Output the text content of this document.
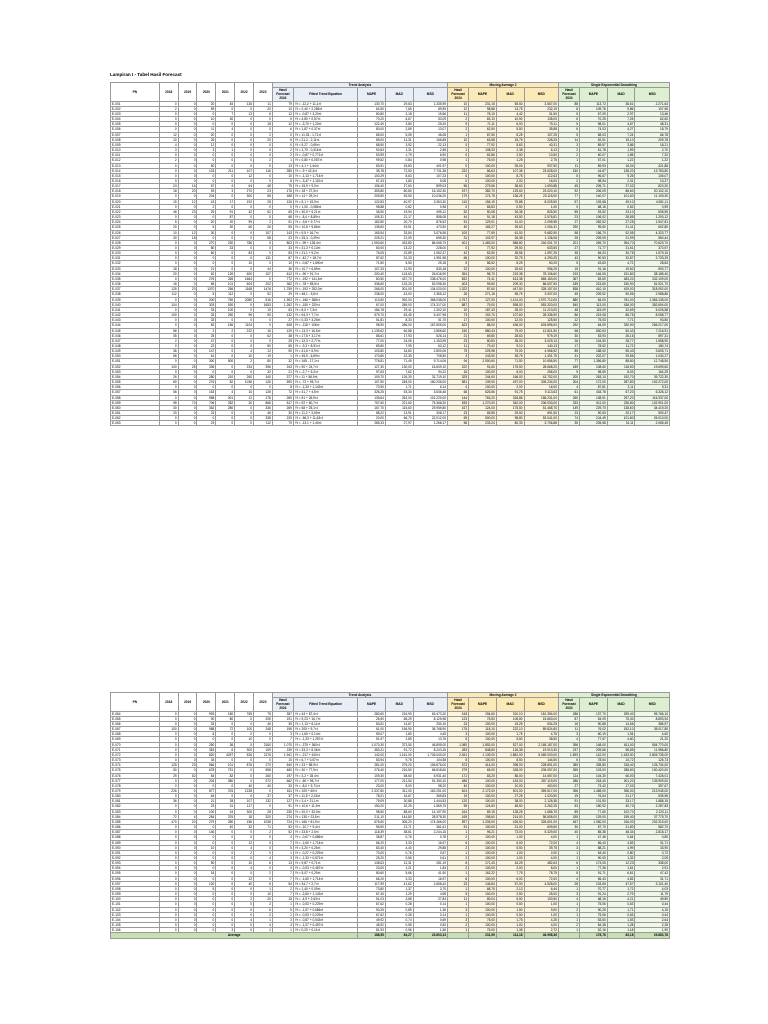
Lampiran I - Tabel Hasil Forecast
PN	2018	2019	2020	2021	2022	2023	Trend Analysis					Moving Average 2				Single Exponential Smoothing			
							Hasil Forecast 2024	Fitted Trend Equation	MAPE	MAD	MSD	Hasil Forecast 2024	MAPE	MAD	MSD	Hasil Forecast 2024	MAPE	MAD	MSD
E-001	0	0	20	45	126	11	79	Yt = -12,2 + 11,1×t	130,70	29,63	1.335,99	10	231,15	55,50	3.567,00	88	113,72	36,61	2.271,64
E-002	2	0	59	0	0	20	10	Yt = 2,40 + 2,286×t	64,50	7,65	89,59	12	98,88	13,75	232,19	8	109,76	9,86	107,96
E-003	0	0	0	7	13	6	12	Yt = -0,87 + 3,20×t	80,80	3,18	15,56	11	78,10	4,42	31,50	5	67,09	2,97	13,46
E-004	0	0	10	30	0	0	5	Yt = 4,80 + 0,57×t	70,20	6,67	53,09	2	83,10	10,50	138,00	6	70,25	7,25	62,60
E-005	0	0	0	0	0	18	12	Yt = -3,70 + 1,20×t	122,40	3,80	25,20	9	71,11	6,00	75,11	5	98,01	4,67	48,31
E-006	0	0	11	4	0	0	6	Yt = 1,87 + 0,37×t	80,00	2,89	13,07	2	62,50	5,50	35,88	6	74,03	4,27	18,79
E-007	12	0	20	0	0	2	0	Yt = 11,33 - 1,71×t	85,00	5,05	46,08	1	87,50	8,25	107,25	5	58,03	7,24	66,78
E-008	10	0	26	0	0	20	6	Yt = 21,2 - 2,11×t	89,00	11,31	166,85	10	63,58	15,75	228,25	14	52,51	15,10	209,78
E-009	4	0	12	0	0	0	0	Yt = 5,27 - 0,69×t	88,50	3,92	22,13	0	77,92	5,63	40,31	3	89,57	3,86	18,21
E-010	3	0	3	1	0	0	2	Yt = 2,79 - 0,316×t	90,63	1,31	2,58	1	108,33	2,38	6,13	2	61,78	1,99	2,70
E-011	0	0	0	0	0	0	2	Yt = -0,87 + 0,771×t	53,99	1,79	6,90	0	82,86	2,50	10,50	2	60,07	1,85	7,20
E-012	2	0	0	0	0	2	1	Yt = 0,80 + 0,057×t	99,52	0,84	0,98	1	75,00	1,25	2,75	1	57,01	1,22	1,22
E-013	0	0	50	0	0	0	13	Yt = 4,1 + 1,44×t	83,91	15,83	401,97	0	100,00	25,00	937,50	11	89,93	16,04	421,86
E-014	0	0	103	211	107	116	285	Yt = -9 + 42,3×t	35,78	72,50	7.731,38	232	86,63	107,38	23.628,00	150	44,87	138,20	13.783,80
E-015	0	0	0	0	12	0	10	Yt = -1,13 + 1,714×t	100,29	8,63	107,23	6	100,00	8,75	112,63	5	96,67	9,25	106,07
E-016	0	0	0	0	0	0	8	Yt = -3,47 + 1,110×t	67,43	1,80	5,08	0	100,00	2,00	16,00	2	98,54	2,31	10,27
E-017	24	16	67	4	64	48	79	Yt = 15,9 + 9,0×t	106,40	27,60	899,03	56	275,56	38,63	1.690,88	45	205,71	27,02	823,20
E-018	18	20	93	3	270	23	176	Yt = 18 + 27,3×t	353,80	80,80	16.152,30	197	382,70	125,60	23.020,10	92	206,09	86,60	20.102,10
E-019	0	0	204	0	300	58	188	Yt = 14 + 29,2×t	209,50	93,50	10.036,20	179	174,75	136,25	23.115,00	77	140,07	101,60	11.109,30
E-020	15	12	43	17	192	28	126	Yt = 5,1 + 15,9×t	122,83	40,97	3.363,30	110	156,19	75,88	8.025,50	57	109,68	49,10	4.081,11
E-021	0	0	2	0	0	0	0	Yt = 1,00 - 0,086×t	98,88	0,62	0,98	0	65,83	0,50	1,00	0	68,16	0,52	0,59
E-022	46	23	29	91	42	62	65	Yt = 30,9 + 5,21×t	36,50	19,94	495,12	52	50,08	26,38	825,50	55	53,52	23,10	608,95
E-023	0	0	0	87	0	0	68	Yt = -8,4 + 8,89×t	105,31	21,17	858,08	44	91,18	43,50	2.576,81	23	106,02	28,85	1.200,12
E-024	5	0	20	20	99	2	51	Yt = -9,8 + 9,77×t	182,80	20,70	876,52	51	129,01	31,00	2.095,98	27	282,52	27,25	1.547,81
E-025	20	0	6	30	66	26	55	Yt = 10,8 + 5,86×t	135,60	19,51	473,50	40	165,27	29,63	1.054,31	290	99,60	21,41	602,80
E-026	10	12	30	0	0	107	143	Yt = 9,5 + 16,7×t	165,54	33,84	3.076,55	100	77,69	61,00	9.682,50	58	156,70	52,55	4.323,77
E-027	30	18	0	0	0	58	23	Yt = 25,3 - 0,29×t	225,21	21,09	655,30	31	102,97	26,38	1.136,06	25	209,09	21,99	560,44
E-028	0	0	270	230	786	5	803	Yt = -99 + 128,4×t	1.953,60	433,80	86.065,70	401	1.483,00	588,80	240.001,70	201	269,70	394,70	70.623,70
E-029	0	0	80	33	0	0	33	Yt = 31,3 + 0,13×t	60,00	13,22	228,00	0	77,92	29,50	633,50	27	71,77	21,61	373,97
E-030	0	0	60	0	83	0	83	Yt = 21,1 + 5,2×t	76,05	22,89	1.062,37	42	62,50	35,56	1.597,25	35	84,03	30,75	1.579,15
E-031	0	0	0	0	0	131	87	Yt = -42,7 + 18,7×t	87,62	31,33	1.951,98	66	100,00	32,75	4.290,25	43	90,53	32,87	2.733,29
E-032	0	0	0	0	10	0	10	Yt = -0,87 + 1,690×t	71,50	5,50	25,18	5	86,52	8,25	50,25	5	43,83	4,72	28,84
E-033	18	0	21	0	0	44	36	Yt = 10,7 + 6,89×t	107,33	12,93	830,18	22	100,00	25,63	956,25	15	91,16	19,60	593,77
E-034	20	0	62	126	600	107	612	Yt = -90 + 91,7×t	200,40	124,63	26.616,90	354	98,70	219,38	78.106,60	193	146,05	151,80	38.185,40
E-035	0	0	276	265	1664	0	772	Yt = -192 + 141,6×t	80,50	437,70	238.476,00	832	74,41	613,38	865.183,00	367	83,69	483,20	332.109,00
E-036	16	0	65	101	604	202	362	Yt = -78 + 85,5×t	336,60	133,20	52.098,30	403	99,60	209,30	86.607,50	189	215,60	150,90	51.921,70
E-037	125	23	1370	256	1168	1476	1.759	Yt = -192 + 252,0×t	266,00	301,00	134.020,00	1.322	87,60	447,50	328.157,00	838	410,10	429,00	318.092,00
E-038	112	0	5	112	0	52	29	Yt = 48,1 - 5,5×t	238,00	43,00	2.355,12	26	271,15	55,75	3.537,00	45	209,52	50,56	2.988,86
E-039	0	0	200	750	2080	516	1.903	Yt = -166 + 368×t	113,50	392,00	368.038,00	1.767	127,00	1.124,00	1.970.712,00	880	84,00	781,00	1.366.135,00
E-040	104	0	303	530	0	1653	1.262	Yt = -150 + 220×t	67,00	289,00	174.317,00	887	79,00	598,00	553.320,00	540	113,00	436,00	382.694,00
E-041	0	0	33	100	0	19	63	Yt = 8,0 + 7,3×t	184,78	29,41	1.302,10	10	187,43	35,00	11.213,00	48	115,09	32,69	5.026,58
E-042	100	0	33	250	95	50	132	Yt = 94,3 + 7,7×t	579,70	63,45	5.437,96	73	192,70	107,60	28.336,90	86	219,08	85,75	8.058,77
E-043	0	0	33	0	0	0	27	Yt = 0,33 + 3,26×t	51,81	8,33	51,70	17	100,00	12,00	125,50	12	75,53	7,71	93,80
E-044	0	0	82	156	1104	0	628	Yt = -118 + 106×t	98,90	286,00	167.805,00	623	88,00	436,00	603.896,00	292	64,09	330,90	265.217,00
E-045	56	0	2	2	222	16	129	Yt = 13,3 + 16,5×t	1.139,62	60,88	2.856,60	150	880,43	75,00	12.821,50	68	830,53	50,43	7.216,91
E-046	35	0	25	0	0	62	38	Yt = 17,5 + 3,17×t	85,61	17,93	526,14	21	69,80	28,63	979,19	30	53,93	26,16	897,31
E-047	2	0	47	0	0	0	25	Yt = 12,3 + 2,77×t	77,00	24,06	1.153,99	23	80,83	35,00	3.029,13	26	104,50	28,77	1.558,90
E-048	0	0	22	0	0	80	65	Yt = -9,3 + 8,91×t	89,80	7,95	63,12	11	79,42	9,10	140,13	17	78,52	11,72	180,74
E-049	36	0	147	0	4	12	90	Yt = 41,6 + 6,9×t	103,80	34,80	2.800,06	75	225,98	75,00	4.966,92	85	188,00	55,43	3.605,71
E-050	66	0	61	0	10	19	1	Yt = 45,9 - 6,69×t	170,80	22,39	708,50	3	243,50	35,75	1.491,75	31	202,07	29,86	1.030,27
E-051	0	0	300	500	2	80	32	Yt = 165 - 17,1×t	776,81	71,49	9.714,06	94	2.500,60	71,50	10.656,50	77	1.356,80	88,80	12.748,50
E-052	100	25	335	0	234	396	243	Yt = 90 + 24,7×t	127,30	130,00	16.609,10	222	91,60	175,50	28.668,20	189	108,60	118,60	19.699,60
E-053	0	0	0	0	0	32	21	Yt = -2,7 + 5,2×t	97,63	7,62	94,22	16	100,00	8,00	256,00	9	98,59	8,03	164,29
E-054	26	0	280	210	260	340	377	Yt = 11 + 56,9×t	109,70	126,30	31.719,10	325	244,60	166,00	43.752,00	200	263,10	192,70	39.722,30
E-055	80	0	276	82	1036	126	590	Yt = -72 + 95,7×t	107,50	248,00	160.206,00	581	139,00	497,00	305.234,00	304	172,00	287,80	192.272,00
E-056	0	0	0	0	0	0	8	Yt = -1,33 + 1,143×t	70,90	1,71	6,14	4	100,00	2,00	16,00	4	87,81	2,11	9,31
E-057	56	0	163	4	10	128	72	Yt = 41,7 + 4,5×t	326,25	53,34	3.636,46	66	626,56	91,75	9.113,63	61	434,78	67,20	6.326,12
E-058	0	0	988	301	12	278	269	Yt = 81 + 26,9×t	139,64	262,00	101.220,00	144	763,20	326,88	156.231,00	260	138,91	297,20	116.337,00
E-059	98	70	706	282	20	868	517	Yt = 92 + 60,7×t	757,60	221,60	75.368,30	535	1.270,00	362,00	206.933,00	333	611,00	236,80	102.901,00
E-060	30	0	362	280	0	336	269	Yt = 68 + 25,1×t	167,70	115,60	29.959,80	167	124,00	175,50	51.468,70	149	229,70	138,60	34.419,20
E-061	20	0	23	0	0	46	30	Yt = 11,2 + 3,49×t	88,22	13,91	308,17	23	65,85	25,50	691,50	23	90,53	20,17	593,47
E-062	0	0	0	0	0	338	225	Yt = -56,3 + 11,63×t	20,00	66,70	22.012,00	69	500,00	98,80	53.041,00	74	104,49	101,80	26.010,00
E-063	0	0	23	0	0	112	79	Yt = -13,1 + 1,40×t	285,33	27,97	1.268,17	56	233,24	80,33	3.706,88	35	205,58	31,11	2.065,45
PN	2018	2019	2020	2021	2022	2023	Trend Analysis					Moving Average 2				Single Exponential Smoothing			
							Hasil Forecast 2024	Fitted Trend Equation	MAPE	MAD	MSD	Hasil Forecast 2024	MAPE	MAD	MSD	Hasil Forecast 2024	MAPE	MAD	MSD
E-064	0	0	993	180	765	75	357	Yt = 44 + 87,4×t	280,60	216,90	63.473,20	418	194,60	310,10	161.394,00	286	137,70	259,40	95.766,10
E-065	0	0	90	80	0	205	191	Yt = 9,23 + 16,7×t	26,90	68,29	8.125,98	123	75,83	105,80	15.663,00	87	54,09	75,30	8.893,94
E-066	0	0	33	0	0	46	39	Yt = 1,13 + 6,11×t	83,61	14,67	250,10	23	100,00	15,25	534,25	16	90,88	14,66	386,97
E-067	100	0	988	72	100	248	196	Yt = 205 + 9,7×t	61,00	156,90	36.768,90	175	118,10	222,10	89.824,80	11	76,02	152,10	35.017,80
E-068	0	0	6	0	0	0	3	Yt = 1,60 + 0,14×t	59,07	1,80	4,45	3	100,00	1,75	4,75	3	60,19	1,94	4,60
E-069	0	0	0	0	10	0	7	Yt = -1,33 + 1,257×t	51,97	2,89	13,76	5	100,00	5,50	38,50	4	77,57	4,60	21,20
E-070	0	0	250	36	0	2160	1.070	Yt = -379 + 360×t	1.070,30	373,50	46.895,00	1.080	1.892,00	527,00	2.165.187,00	396	148,00	611,00	554.770,00
E-071	0	0	353	6	300	109	239	Yt = 33,3 + 8,36×t	383,21	91,72	8.243,26	283	848,83	126,38	19.913,30	237	209,66	98,85	11.986,80
E-072	0	0	820	4257	526	2176	1.941	Yt = -217 + 610×t	142,00	1.161,00	1.726.040,00	2.451	1.139,00	1.882,00	5.069.000,00	1.693	142,00	1.433,00	2.805.735,00
E-073	0	0	34	0	0	0	10	Yt = 6,7 + 0,57×t	83,94	9,78	104,58	5	100,00	8,50	144,50	6	78,54	10,72	126,73
E-074	125	23	566	101	876	270	640	Yt = 33 + 85,9×t	281,00	275,20	106.876,00	573	414,00	398,00	228.891,00	389	335,80	318,40	126.734,00
E-075	50	0	678	731	0	558	480	Yt = 30 + 77,9×t	276,40	216,50	66.818,60	279	65,00	328,00	205.057,00	355	103,00	288,80	100.420,00
E-076	29	52	54	82	0	260	197	Yt = 3,2 + 28,4×t	109,30	58,60	5.931,40	171	83,20	86,00	14.657,00	114	104,30	66,00	7.426,01
E-077	0	0	204	380	0	972	662	Yt = -60 + 95,7×t	177,00	211,50	91.350,10	486	100,00	415,00	287.119,00	286	218,40	301,20	139.909,00
E-078	0	0	0	0	40	40	33	Yt = -8,0 + 5,71×t	23,00	8,00	98,20	40	100,00	10,00	400,00	27	73,42	17,03	357,67
E-079	226	0	877	376	1228	0	611	Yt = 109 + 60×t	2.337,80	311,00	162.251,00	624	2.172,00	501,00	359.617,00	396	1.458,00	396,00	213.945,00
E-080	0	0	64	0	0	37	37	Yt = 11,5 + 2,43×t	78,01	16,67	365,83	19	100,00	27,25	1.020,50	19	76,64	21,17	535,96
E-081	36	0	21	28	107	132	127	Yt = 3,4 + 21,1×t	79,09	30,88	1.444,53	120	100,00	38,00	2.128,38	91	101,50	33,17	1.888,15
E-082	0	0	23	31	117	0	91	Yt = 10,6 + 11,9×t	150,20	32,25	1.569,75	59	124,83	48,50	3.262,25	53	180,92	40,73	2.287,83
E-083	0	0	100	24	300	28	230	Yt = 20,0 + 33,0×t	98,50	88,60	14.197,90	164	89,15	135,25	1.686,75	89	77,60	102,70	2.120,11
E-084	72	4	284	376	18	320	274	Yt = 135 + 23,8×t	211,10	144,80	28.578,30	169	198,60	214,00	58.808,00	185	129,00	159,40	37.775,70
E-085	470	20	279	280	156	1038	724	Yt = 166 + 81,9×t	676,60	306,20	174.466,00	597	1.205,00	426,50	326.601,00	467	1.050,00	316,00	202.315,00
E-086	0	0	0	40	32	71	53	Yt = -10,7 + 9,4×t	95,50	13,71	361,61	51	100,00	21,00	609,50	30	87,70	21,80	582,70
E-087	0	0	146	0	0	2	52	Yt = 33,8 + 2,5×t	118,39	38,61	2.244,15	1	96,21	73,00	5.329,00	40	85,38	48,34	2.818,17
E-088	0	0	0	0	0	0	4	Yt = -0,67 + 0,686×t	38,87	0,76	0,78	2	100,00	1,00	4,00	1	47,46	0,64	0,80
E-089	0	0	0	0	12	0	7	Yt = -1,60 + 1,714×t	66,20	3,33	16,97	6	100,00	6,00	72,00	4	56,43	4,83	31,71
E-090	0	0	10	0	4	0	5	Yt = 3,20 + 0,26×t	83,40	4,40	29,88	2	100,00	5,50	39,75	3	88,21	4,99	33,90
E-091	0	0	0	0	2	0	1	Yt = -0,27 + 0,229×t	70,00	0,76	0,57	1	100,00	1,00	2,00	1	63,40	0,80	0,72
E-092	0	0	0	0	0	4	3	Yt = -1,33 + 0,571×t	25,20	0,56	0,61	2	100,00	1,00	4,00	1	90,00	1,32	2,05
E-093	0	0	50	0	10	6	13	Yt = 9,87 + 0,71×t	138,63	12,31	281,19	8	171,43	16,25	482,63	6	173,05	12,23	338,00
E-094	0	0	0	0	4	0	3	Yt = -0,53 + 0,457×t	23,00	1,21	1,83	2	100,00	2,00	8,00	1	77,36	1,61	2,91
E-095	0	0	18	0	0	2	7	Yt = 5,07 + 0,29×t	80,60	5,66	41,90	1	162,22	7,75	78,75	5	91,71	6,61	47,42
E-096	0	0	0	0	12	0	7	Yt = -1,60 + 1,714×t	66,20	3,33	16,97	6	100,00	6,00	72,00	4	56,43	4,83	31,71
E-097	0	0	120	0	40	6	54	Yt = 34,7 + 2,7×t	117,99	41,62	2.658,42	23	146,84	57,00	4.528,00	28	103,65	47,57	3.101,40
E-098	0	0	5	0	0	1	2	Yt = 1,40 + 0,09×t	73,80	1,37	3,70	1	68,75	2,13	6,44	1	70,77	1,72	4,03
E-099	0	0	0	0	0	10	7	Yt = -2,60 + 1,143×t	67,40	1,29	4,98	5	100,00	2,50	25,00	3	91,24	2,79	11,79
E-100	0	0	0	0	2	20	15	Yt = -4,9 + 2,63×t	51,03	3,68	27,84	11	89,04	5,50	100,50	4	68,16	4,21	49,89
E-101	0	0	0	0	0	2	1	Yt = -0,53 + 0,229×t	67,62	0,28	0,14	1	100,00	0,50	1,00	1	75,06	0,63	0,44
E-102	0	0	0	0	0	6	5	Yt = -1,57 + 0,686×t	90,25	0,89	1,36	3	100,00	1,50	9,00	2	90,25	1,71	4,15
E-103	0	0	0	0	0	2	1	Yt = -0,53 + 0,229×t	67,62	0,28	0,14	1	100,00	0,50	1,00	1	75,06	0,63	0,44
E-104	0	0	0	0	4	1	3	Yt = -0,87 + 0,543×t	49,92	0,74	0,69	3	75,00	1,75	4,25	1	53,60	1,53	2,64
E-105	0	0	0	0	0	4	3	Yt = -1,07 + 0,457×t	45,92	0,55	0,50	2	100,00	1,00	4,00	2	84,38	1,28	2,28
E-106	0	0	0	3	0	1	1	Yt = 0,20 + 0,11×t	81,93	0,96	1,56	1	75,00	1,38	2,72	1	52,16	1,18	1,90
Average									188,55	84,27	23.803,13		231,99	114,18	46.958,36		178,76	83,18	29.863,78
